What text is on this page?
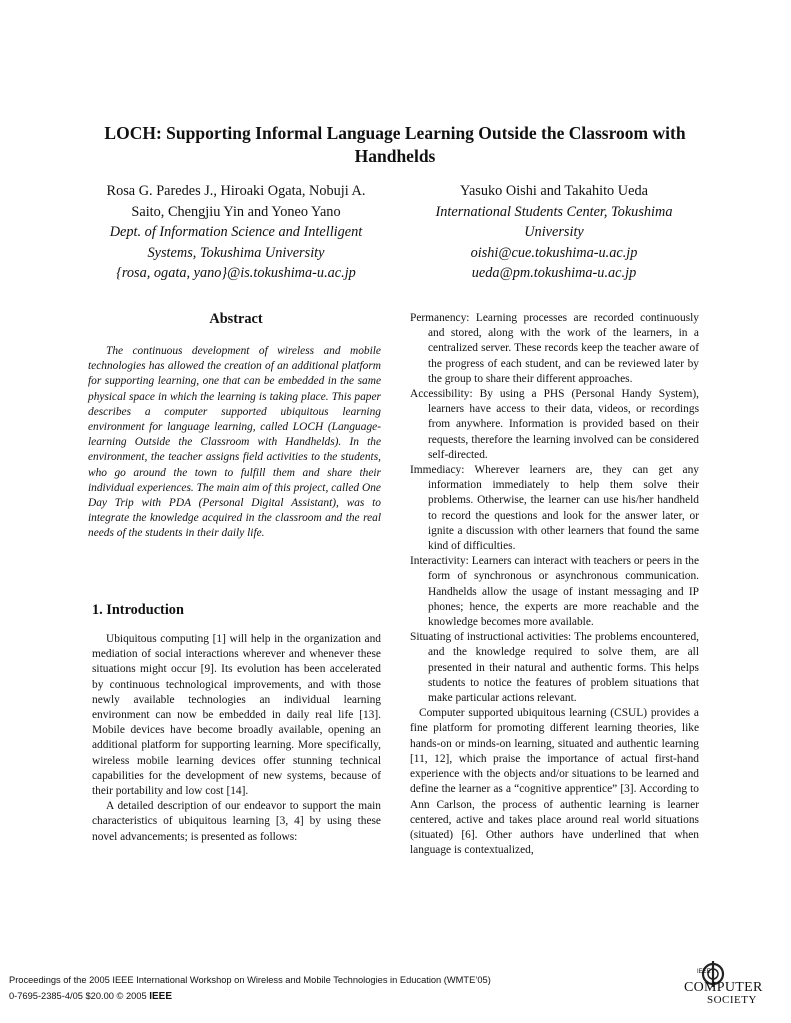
LOCH: Supporting Informal Language Learning Outside the Classroom with
Handhelds
Rosa G. Paredes J., Hiroaki Ogata, Nobuji A.
Saito, Chengjiu Yin and Yoneo Yano
Dept. of Information Science and Intelligent
Systems, Tokushima University
{rosa, ogata, yano}@is.tokushima-u.ac.jp
Yasuko Oishi and Takahito Ueda
International Students Center, Tokushima
University
oishi@cue.tokushima-u.ac.jp
ueda@pm.tokushima-u.ac.jp
Abstract
The continuous development of wireless and mobile technologies has allowed the creation of an additional platform for supporting learning, one that can be embedded in the same physical space in which the learning is taking place. This paper describes a computer supported ubiquitous learning environment for language learning, called LOCH (Language-learning Outside the Classroom with Handhelds). In the environment, the teacher assigns field activities to the students, who go around the town to fulfill them and share their individual experiences. The main aim of this project, called One Day Trip with PDA (Personal Digital Assistant), was to integrate the knowledge acquired in the classroom and the real needs of the students in their daily life.
1. Introduction

Ubiquitous computing [1] will help in the organization and mediation of social interactions wherever and whenever these situations might occur [9]. Its evolution has been accelerated by continuous technological improvements, and with those newly available technologies an individual learning environment can now be embedded in daily real life [13]. Mobile devices have become broadly available, opening an additional platform for supporting learning. More specifically, wireless mobile learning devices offer stunning technical capabilities for the development of new systems, because of their portability and low cost [14].

A detailed description of our endeavor to support the main characteristics of ubiquitous learning [3, 4] by using these novel advancements; is presented as follows:

Permanency: Learning processes are recorded continuously and stored, along with the work of the learners, in a centralized server. These records keep the teacher aware of the progress of each student, and can be reviewed later by the group to share their different approaches.

Accessibility: By using a PHS (Personal Handy System), learners have access to their data, videos, or recordings from anywhere. Information is provided based on their requests, therefore the learning involved can be considered self-directed.

Immediacy: Wherever learners are, they can get any information immediately to help them solve their problems. Otherwise, the learner can use his/her handheld to record the questions and look for the answer later, or ignite a discussion with other learners that found the same kind of difficulties.

Interactivity: Learners can interact with teachers or peers in the form of synchronous or asynchronous communication. Handhelds allow the usage of instant messaging and IP phones; hence, the experts are more reachable and the knowledge becomes more available.

Situating of instructional activities: The problems encountered, and the knowledge required to solve them, are all presented in their natural and authentic forms. This helps students to notice the features of problem situations that make particular actions relevant.

Computer supported ubiquitous learning (CSUL) provides a fine platform for promoting different learning theories, like hands-on or minds-on learning, situated and authentic learning [11, 12], which praise the importance of actual first-hand experience with the objects and/or situations to be learned and define the learner as a “cognitive apprentice” [3]. According to Ann Carlson, the process of authentic learning is learner centered, active and takes place around real world situations (situated) [6]. Other authors have underlined that when language is contextualized,

Proceedings of the 2005 IEEE International Workshop on Wireless and Mobile Technologies in Education (WMTE’05)
0-7695-2385-4/05 $20.00 © 2005 IEEE
IEEE
COMPUTER
SOCIETY
